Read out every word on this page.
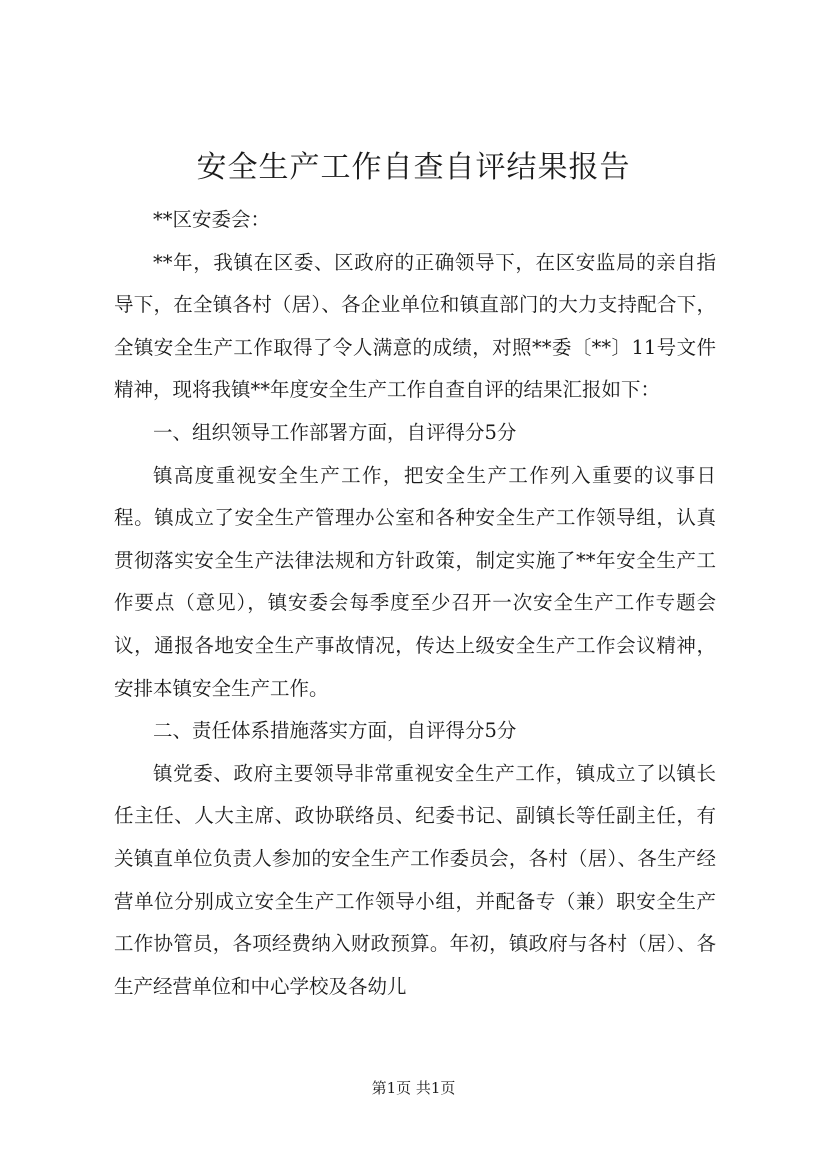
安全生产工作自查自评结果报告

**区安委会：

**年，我镇在区委、区政府的正确领导下，在区安监局的亲自指导下，在全镇各村（居）、各企业单位和镇直部门的大力支持配合下，全镇安全生产工作取得了令人满意的成绩，对照**委〔**〕11号文件精神，现将我镇**年度安全生产工作自查自评的结果汇报如下：

一、组织领导工作部署方面，自评得分5分

镇高度重视安全生产工作，把安全生产工作列入重要的议事日程。镇成立了安全生产管理办公室和各种安全生产工作领导组，认真贯彻落实安全生产法律法规和方针政策，制定实施了**年安全生产工作要点（意见），镇安委会每季度至少召开一次安全生产工作专题会议，通报各地安全生产事故情况，传达上级安全生产工作会议精神，安排本镇安全生产工作。

二、责任体系措施落实方面，自评得分5分

镇党委、政府主要领导非常重视安全生产工作，镇成立了以镇长任主任、人大主席、政协联络员、纪委书记、副镇长等任副主任，有关镇直单位负责人参加的安全生产工作委员会，各村（居）、各生产经营单位分别成立安全生产工作领导小组，并配备专（兼）职安全生产工作协管员，各项经费纳入财政预算。年初，镇政府与各村（居）、各生产经营单位和中心学校及各幼儿

第1页 共1页
